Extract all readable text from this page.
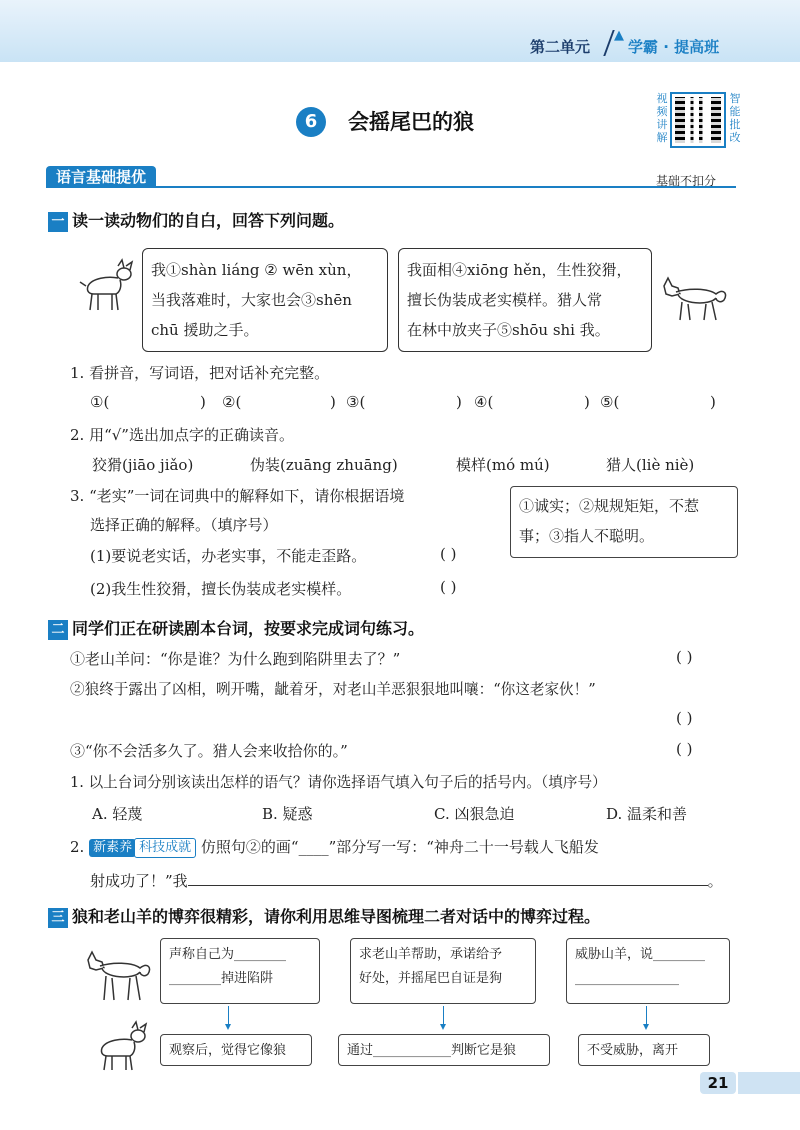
第二单元
▲
学霸 · 提高班
6	会摇尾巴的狼
视频讲解
智能批改
语言基础提优	基础不扣分
一 读一读动物们的自白，回答下列问题。
我①shàn liáng ② wēn xùn，
当我落难时，大家也会③shēn
chū 援助之手。
我面相④xiōng hěn，生性狡猾，
擅长伪装成老实模样。猎人常
在林中放夹子⑤shōu shi 我。
1. 看拼音，写词语，把对话补充完整。
①(	) ②(	) ③(	) ④(	) ⑤(	)
2. 用“√”选出加点字的正确读音。
狡猾(jiāo jiǎo)	伪装(zuāng zhuāng)	模样(mó mú)	猎人(liè niè)
3. “老实”一词在词典中的解释如下，请你根据语境
选择正确的解释。（填序号）
①诚实；②规规矩矩，不惹
事；③指人不聪明。
(1)要说老实话，办老实事，不能走歪路。	( )
(2)我生性狡猾，擅长伪装成老实模样。	( )
二 同学们正在研读剧本台词，按要求完成词句练习。
①老山羊问：“你是谁？为什么跑到陷阱里去了？”	( )
②狼终于露出了凶相，咧开嘴，龇着牙，对老山羊恶狠狠地叫嚷：“你这老家伙！”
( )
③“你不会活多久了。猎人会来收拾你的。”	( )
1. 以上台词分别该读出怎样的语气？请你选择语气填入句子后的括号内。（填序号）
A. 轻蔑	B. 疑惑	C. 凶狠急迫	D. 温柔和善
2. 新素养 科技成就 仿照句②的画“____”部分写一写：“神舟二十一号载人飞船发
射成功了！”我	。
三 狼和老山羊的博弈很精彩，请你利用思维导图梳理二者对话中的博弈过程。
声称自己为________
________掉进陷阱
求老山羊帮助，承诺给予
好处，并摇尾巴自证是狗
威胁山羊，说________
________________
观察后，觉得它像狼	通过____________判断它是狼	不受威胁，离开
21
